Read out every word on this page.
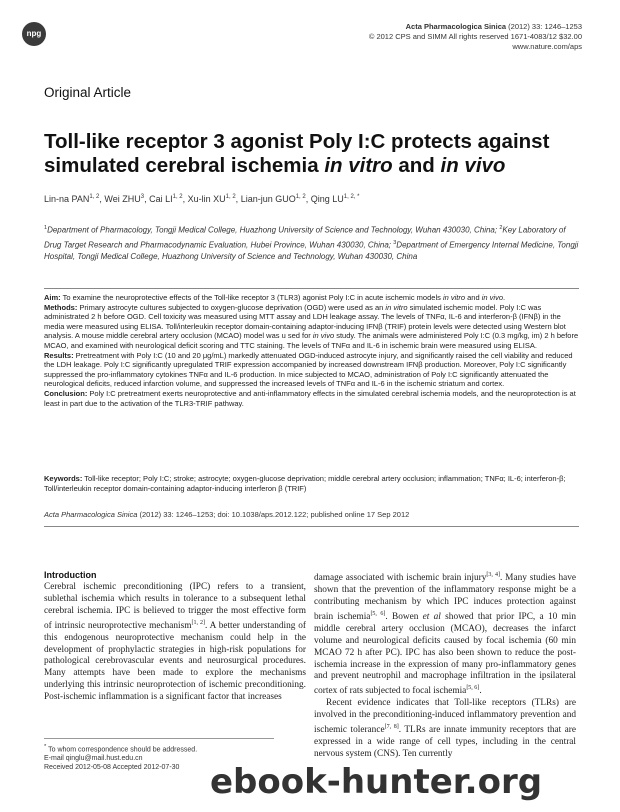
npg
Acta Pharmacologica Sinica (2012) 33: 1246–1253
© 2012 CPS and SIMM All rights reserved 1671-4083/12 $32.00
www.nature.com/aps
Original Article
Toll-like receptor 3 agonist Poly I:C protects against simulated cerebral ischemia in vitro and in vivo
Lin-na PAN$^{1, 2}$, Wei ZHU$^3$, Cai LI$^{1, 2}$, Xu-lin XU$^{1, 2}$, Lian-jun GUO$^{1, 2}$, Qing $LU^{1, 2, *}$
$^1$Department of Pharmacology, Tongji Medical College, Huazhong University of Science and Technology, Wuhan 430030, China; $^2$Key Laboratory of Drug Target Research and Pharmacodynamic Evaluation, Hubei Province, Wuhan 430030, China; $^3$Department of Emergency Internal Medicine, Tongji Hospital, Tongji Medical College, Huazhong University of Science and Technology, Wuhan 430030, China

Aim: To examine the neuroprotective effects of the Toll-like receptor 3 (TLR3) agonist Poly I:C in acute ischemic models in vitro and in vivo.

Methods: Primary astrocyte cultures subjected to oxygen-glucose deprivation (OGD) were used as an in vitro simulated ischemic model. Poly I:C was administrated 2 h before OGD. Cell toxicity was measured using MTT assay and LDH leakage assay. The levels of TNFα, IL-6 and interferon-β (IFNβ) in the media were measured using ELISA. Toll/interleukin receptor domain-containing adaptor-inducing IFNβ (TRIF) protein levels were detected using Western blot analysis. A mouse middle cerebral artery occlusion (MCAO) model was u sed for in vivo study. The animals were administered Poly I:C (0.3 mg/kg, im) 2 h before MCAO, and examined with neurological deficit scoring and TTC staining. The levels of TNFα and IL-6 in ischemic brain were measured using ELISA.

Results: Pretreatment with Poly I:C (10 and 20 μg/mL) markedly attenuated OGD-induced astrocyte injury, and significantly raised the cell viability and reduced the LDH leakage. Poly I:C significantly upregulated TRIF expression accompanied by increased downstream IFNβ production. Moreover, Poly I:C significantly suppressed the pro-inflammatory cytokines TNFα and IL-6 production. In mice subjected to MCAO, administration of Poly I:C significantly attenuated the neurological deficits, reduced infarction volume, and suppressed the increased levels of TNFα and IL-6 in the ischemic striatum and cortex.

Conclusion: Poly I:C pretreatment exerts neuroprotective and anti-inflammatory effects in the simulated cerebral ischemia models, and the neuroprotection is at least in part due to the activation of the TLR3-TRIF pathway.

Keywords: Toll-like receptor; Poly I:C; stroke; astrocyte; oxygen-glucose deprivation; middle cerebral artery occlusion; inflammation; TNFα; IL-6; interferon-β; Toll/interleukin receptor domain-containing adaptor-inducing interferon β (TRIF)
Acta Pharmacologica Sinica (2012) 33: 1246–1253; doi: 10.1038/aps.2012.122; published online 17 Sep 2012
Introduction

Cerebral ischemic preconditioning (IPC) refers to a transient, sublethal ischemia which results in tolerance to a subsequent lethal cerebral ischemia. IPC is believed to trigger the most effective form of intrinsic neuroprotective mechanism[1, 2]. A better understanding of this endogenous neuroprotective mechanism could help in the development of prophylactic strategies in high-risk populations for pathological cerebrovascular events and neurosurgical procedures. Many attempts have been made to explore the mechanisms underlying this intrinsic neuroprotection of ischemic preconditioning. Post-ischemic inflammation is a significant factor that increases

damage associated with ischemic brain injury[3, 4]. Many studies have shown that the prevention of the inflammatory response might be a contributing mechanism by which IPC induces protection against brain ischemia[5, 6]. Bowen et al showed that prior IPC, a 10 min middle cerebral artery occlusion (MCAO), decreases the infarct volume and neurological deficits caused by focal ischemia (60 min MCAO 72 h after PC). IPC has also been shown to reduce the post-ischemia increase in the expression of many pro-inflammatory genes and prevent neutrophil and macrophage infiltration in the ipsilateral cortex of rats subjected to focal ischemia[5, 6].

Recent evidence indicates that Toll-like receptors (TLRs) are involved in the preconditioning-induced inflammatory prevention and ischemic tolerance[7, 8]. TLRs are innate immunity receptors that are expressed in a wide range of cell types, including in the central nervous system (CNS). Ten currently

* To whom correspondence should be addressed.

E-mail qinglu@mail.hust.edu.cn

Received 2012-05-08 Accepted 2012-07-30 ebook-hunter.org
